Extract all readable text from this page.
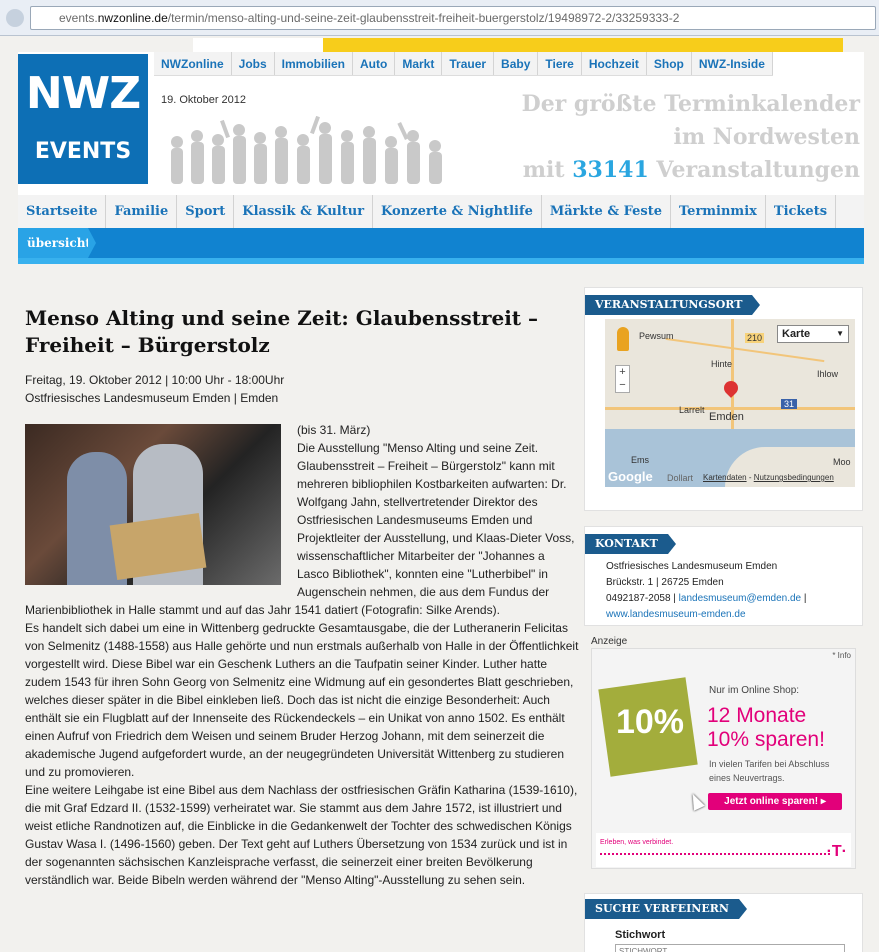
events.nwzonline.de/termin/menso-alting-und-seine-zeit-glaubensstreit-freiheit-buergerstolz/19498972-2/33259333-2
NWZ
EVENTS
NWZonline	Jobs	Immobilien	Auto	Markt	Trauer	Baby	Tiere	Hochzeit	Shop	NWZ-Inside
19. Oktober 2012	Der größte Terminkalender
im Nordwesten
mit 33141 Veranstaltungen
Startseite	Familie	Sport	Klassik & Kultur	Konzerte & Nightlife	Märkte & Feste	Terminmix	Tickets
übersicht
Menso Alting und seine Zeit: Glaubensstreit – Freiheit – Bürgerstolz
Freitag, 19. Oktober 2012 | 10:00 Uhr - 18:00Uhr
Ostfriesisches Landesmuseum Emden | Emden
(bis 31. März)
Die Ausstellung "Menso Alting und seine Zeit. Glaubensstreit – Freiheit – Bürgerstolz" kann mit mehreren bibliophilen Kostbarkeiten aufwarten: Dr. Wolfgang Jahn, stellvertretender Direktor des Ostfriesischen Landesmuseums Emden und Projektleiter der Ausstellung, und Klaas-Dieter Voss, wissenschaftlicher Mitarbeiter der "Johannes a Lasco Bibliothek", konnten eine "Lutherbibel" in Augenschein nehmen, die aus dem Fundus der Marienbibliothek in Halle stammt und auf das Jahr 1541 datiert (Fotografin: Silke Arends).
Es handelt sich dabei um eine in Wittenberg gedruckte Gesamtausgabe, die der Lutheranerin Felicitas von Selmenitz (1488-1558) aus Halle gehörte und nun erstmals außerhalb von Halle in der Öffentlichkeit vorgestellt wird. Diese Bibel war ein Geschenk Luthers an die Taufpatin seiner Kinder. Luther hatte zudem 1543 für ihren Sohn Georg von Selmenitz eine Widmung auf ein gesondertes Blatt geschrieben, welches dieser später in die Bibel einkleben ließ. Doch das ist nicht die einzige Besonderheit: Auch enthält sie ein Flugblatt auf der Innenseite des Rückendeckels – ein Unikat von anno 1502. Es enthält einen Aufruf von Friedrich dem Weisen und seinem Bruder Herzog Johann, mit dem seinerzeit die akademische Jugend aufgefordert wurde, an der neugegründeten Universität Wittenberg zu studieren und zu promovieren.
Eine weitere Leihgabe ist eine Bibel aus dem Nachlass der ostfriesischen Gräfin Katharina (1539-1610), die mit Graf Edzard II. (1532-1599) verheiratet war. Sie stammt aus dem Jahre 1572, ist illustriert und weist etliche Randnotizen auf, die Einblicke in die Gedankenwelt der Tochter des schwedischen Königs Gustav Wasa I. (1496-1560) geben. Der Text geht auf Luthers Übersetzung von 1534 zurück und ist in der sogenannten sächsischen Kanzleisprache verfasst, die seinerzeit einer breiten Bevölkerung verständlich war. Beide Bibeln werden während der "Menso Alting"-Ausstellung zu sehen sein.
VERANSTALTUNGSORT
Pewsum
Hinte
Ihlow
Larrelt
Emden
Ems	Moo
Dollart
210
31
+
−
Karte	▼
Google	Kartendaten - Nutzungsbedingungen
KONTAKT
Ostfriesisches Landesmuseum Emden
Brückstr. 1 | 26725 Emden
0492187-2058 | landesmuseum@emden.de |
www.landesmuseum-emden.de
Anzeige
* Info
10%
Nur im Online Shop:
12 Monate
10% sparen!
In vielen Tarifen bei Abschluss
eines Neuvertrags.
Jetzt online sparen! ▸
Erleben, was verbindet.
·T·
SUCHE VERFEINERN
Stichwort
STICHWORT
